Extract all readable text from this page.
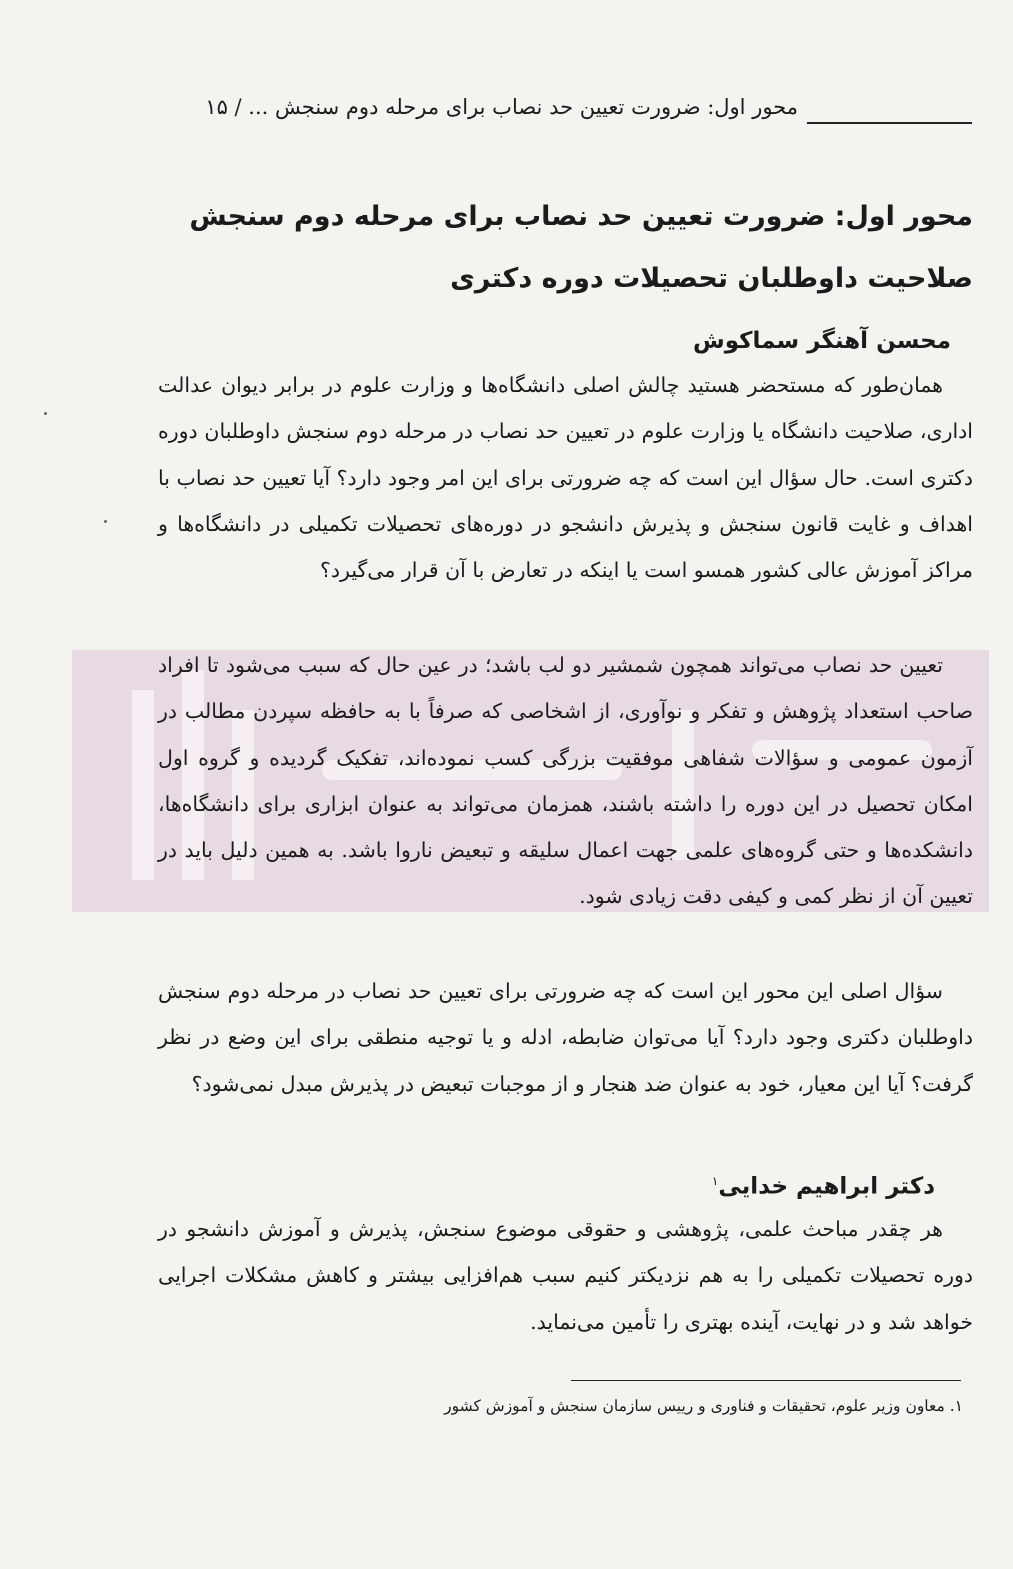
محور اول: ضرورت تعیین حد نصاب برای مرحله دوم سنجش ... / ۱۵
محور اول: ضرورت تعیین حد نصاب برای مرحله دوم سنجش صلاحیت داوطلبان تحصیلات دوره دکتری
محسن آهنگر سماکوش

همان‌طور که مستحضر هستید چالش اصلی دانشگاه‌ها و وزارت علوم در برابر دیوان عدالت اداری، صلاحیت دانشگاه یا وزارت علوم در تعیین حد نصاب در مرحله دوم سنجش داوطلبان دوره دکتری است. حال سؤال این است که چه ضرورتی برای این امر وجود دارد؟ آیا تعیین حد نصاب با اهداف و غایت قانون سنجش و پذیرش دانشجو در دوره‌های تحصیلات تکمیلی در دانشگاه‌ها و مراکز آموزش عالی کشور همسو است یا اینکه در تعارض با آن قرار می‌گیرد؟

تعیین حد نصاب می‌تواند همچون شمشیر دو لب باشد؛ در عین حال که سبب می‌شود تا افراد صاحب استعداد پژوهش و تفکر و نوآوری، از اشخاصی که صرفاً با به حافظه سپردن مطالب در آزمون عمومی و سؤالات شفاهی موفقیت بزرگی کسب نموده‌اند، تفکیک گردیده و گروه اول امکان تحصیل در این دوره را داشته باشند، همزمان می‌تواند به عنوان ابزاری برای دانشگاه‌ها، دانشکده‌ها و حتی گروه‌های علمی جهت اعمال سلیقه و تبعیض ناروا باشد. به همین دلیل باید در تعیین آن از نظر کمی و کیفی دقت زیادی شود.

سؤال اصلی این محور این است که چه ضرورتی برای تعیین حد نصاب در مرحله دوم سنجش داوطلبان دکتری وجود دارد؟ آیا می‌توان ضابطه، ادله و یا توجیه منطقی برای این وضع در نظر گرفت؟ آیا این معیار، خود به عنوان ضد هنجار و از موجبات تبعیض در پذیرش مبدل نمی‌شود؟

دکتر ابراهیم خدایی$^۱$

هر چقدر مباحث علمی، پژوهشی و حقوقی موضوع سنجش، پذیرش و آموزش دانشجو در دوره تحصیلات تکمیلی را به هم نزدیکتر کنیم سبب هم‌افزایی بیشتر و کاهش مشکلات اجرایی خواهد شد و در نهایت، آینده بهتری را تأمین می‌نماید.

۱. معاون وزیر علوم، تحقیقات و فناوری و رییس سازمان سنجش و آموزش کشور
